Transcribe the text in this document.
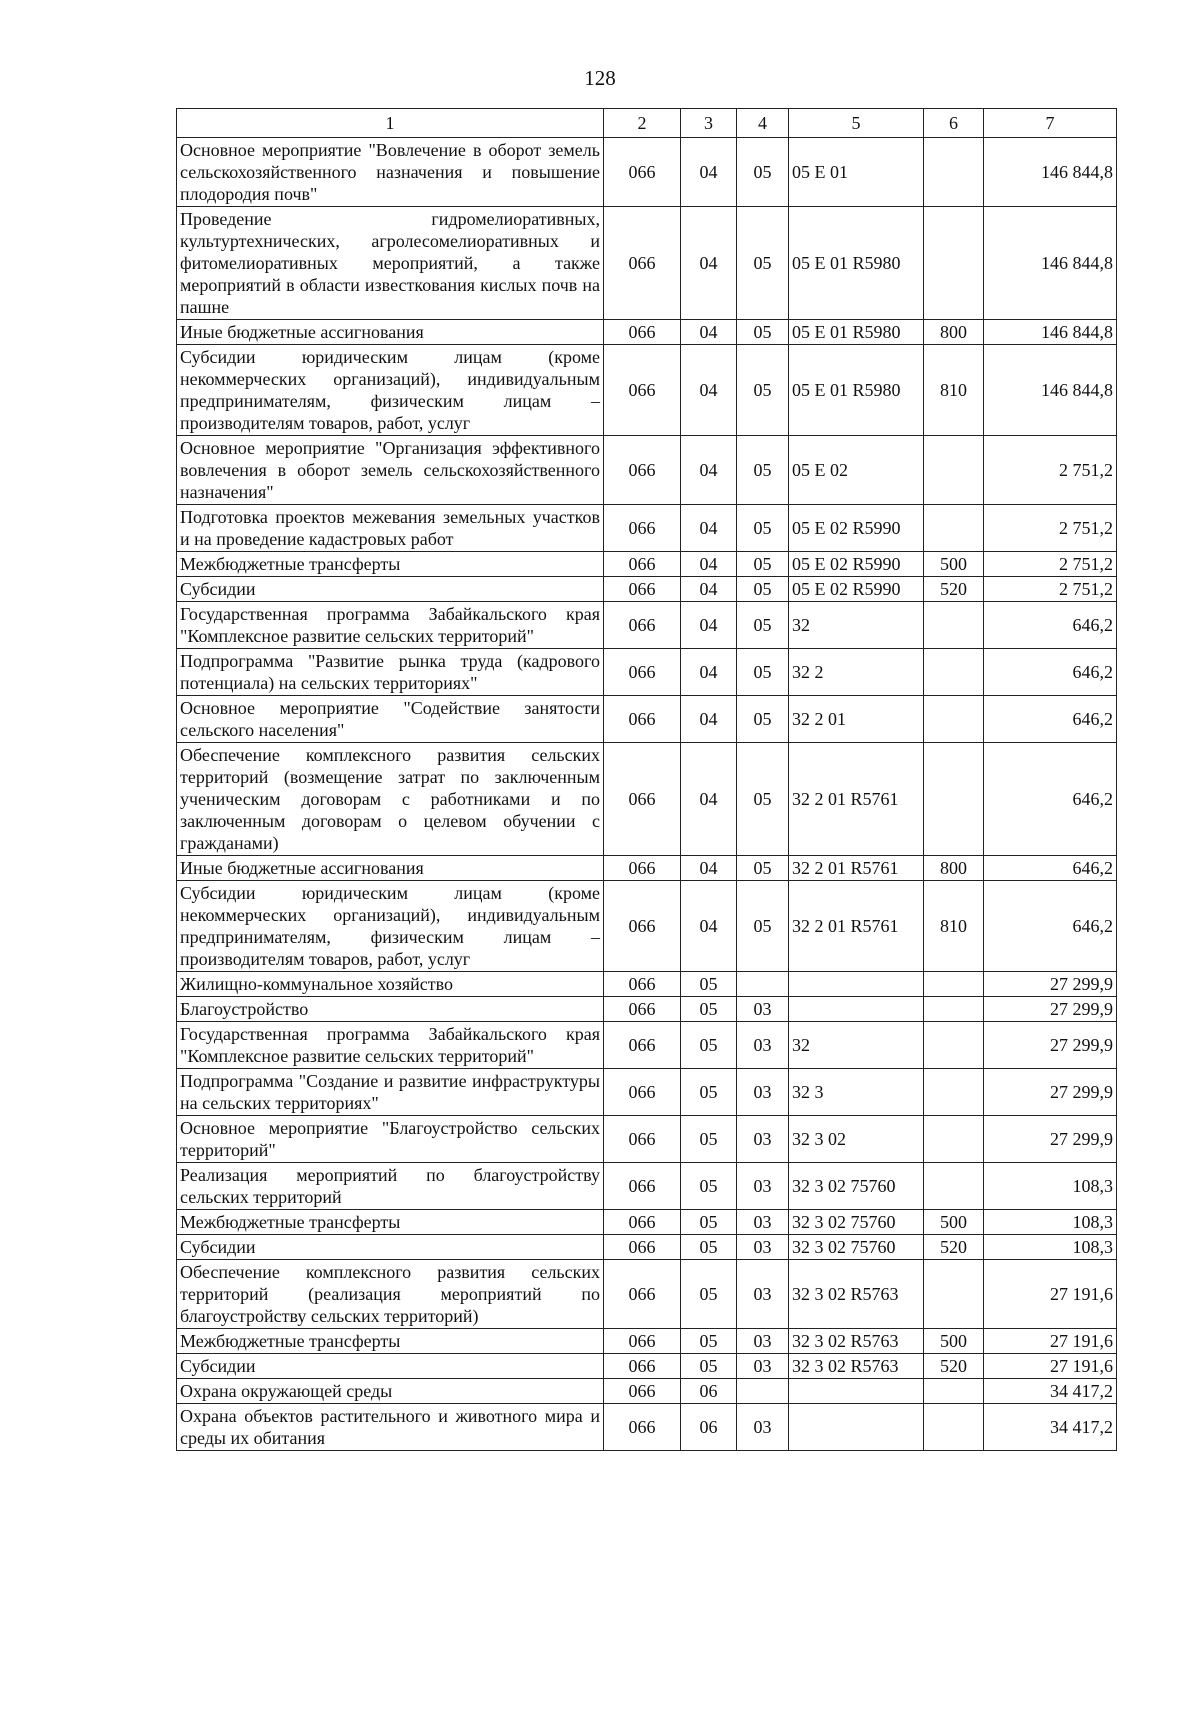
128
1	2	3	4	5	6	7
Основное мероприятие "Вовлечение в оборот земель сельскохозяйственного назначения и повышение плодородия почв"	066	04	05	05 Е 01		146 844,8
Проведение гидромелиоративных, культуртехнических, агролесомелиоративных и фитомелиоративных мероприятий, а также мероприятий в области известкования кислых почв на пашне	066	04	05	05 Е 01 R5980		146 844,8
Иные бюджетные ассигнования	066	04	05	05 Е 01 R5980	800	146 844,8
Субсидии юридическим лицам (кроме некоммерческих организаций), индивидуальным предпринимателям, физическим лицам – производителям товаров, работ, услуг	066	04	05	05 Е 01 R5980	810	146 844,8
Основное мероприятие "Организация эффективного вовлечения в оборот земель сельскохозяйственного назначения"	066	04	05	05 Е 02		2 751,2
Подготовка проектов межевания земельных участков и на проведение кадастровых работ	066	04	05	05 Е 02 R5990		2 751,2
Межбюджетные трансферты	066	04	05	05 Е 02 R5990	500	2 751,2
Субсидии	066	04	05	05 Е 02 R5990	520	2 751,2
Государственная программа Забайкальского края "Комплексное развитие сельских территорий"	066	04	05	32		646,2
Подпрограмма "Развитие рынка труда (кадрового потенциала) на сельских территориях"	066	04	05	32 2		646,2
Основное мероприятие "Содействие занятости сельского населения"	066	04	05	32 2 01		646,2
Обеспечение комплексного развития сельских территорий (возмещение затрат по заключенным ученическим договорам с работниками и по заключенным договорам о целевом обучении с гражданами)	066	04	05	32 2 01 R5761		646,2
Иные бюджетные ассигнования	066	04	05	32 2 01 R5761	800	646,2
Субсидии юридическим лицам (кроме некоммерческих организаций), индивидуальным предпринимателям, физическим лицам – производителям товаров, работ, услуг	066	04	05	32 2 01 R5761	810	646,2
Жилищно-коммунальное хозяйство	066	05				27 299,9
Благоустройство	066	05	03			27 299,9
Государственная программа Забайкальского края "Комплексное развитие сельских территорий"	066	05	03	32		27 299,9
Подпрограмма "Создание и развитие инфраструктуры на сельских территориях"	066	05	03	32 3		27 299,9
Основное мероприятие "Благоустройство сельских территорий"	066	05	03	32 3 02		27 299,9
Реализация мероприятий по благоустройству сельских территорий	066	05	03	32 3 02 75760		108,3
Межбюджетные трансферты	066	05	03	32 3 02 75760	500	108,3
Субсидии	066	05	03	32 3 02 75760	520	108,3
Обеспечение комплексного развития сельских территорий (реализация мероприятий по благоустройству сельских территорий)	066	05	03	32 3 02 R5763		27 191,6
Межбюджетные трансферты	066	05	03	32 3 02 R5763	500	27 191,6
Субсидии	066	05	03	32 3 02 R5763	520	27 191,6
Охрана окружающей среды	066	06				34 417,2
Охрана объектов растительного и животного мира и среды их обитания	066	06	03			34 417,2
